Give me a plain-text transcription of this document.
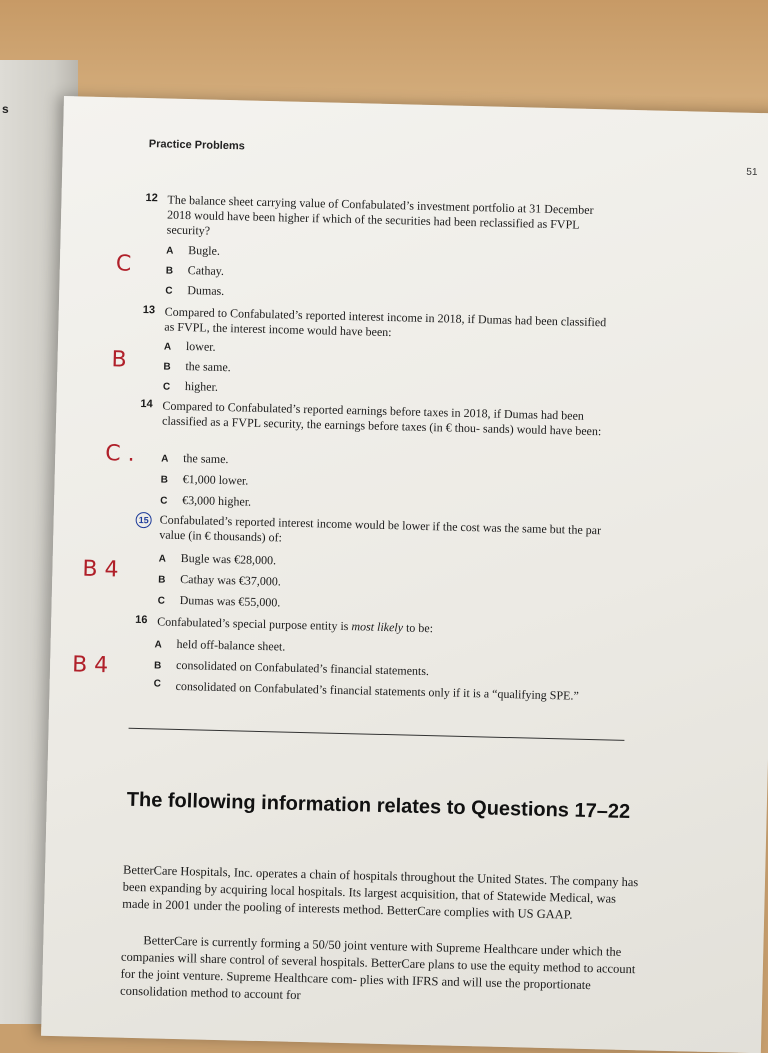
s
Practice Problems
51
12 The balance sheet carrying value of Confabulated’s investment portfolio at 31 December 2018 would have been higher if which of the securities had been reclassified as FVPL security?
A Bugle.
B Cathay.
C Dumas.
C
13 Compared to Confabulated’s reported interest income in 2018, if Dumas had been classified as FVPL, the interest income would have been:
A lower.
B the same.
C higher.
B
14 Compared to Confabulated’s reported earnings before taxes in 2018, if Dumas had been classified as a FVPL security, the earnings before taxes (in € thou- sands) would have been:
A the same.
B €1,000 lower.
C €3,000 higher.
C .
15 Confabulated’s reported interest income would be lower if the cost was the same but the par value (in € thousands) of:
A Bugle was €28,000.
B Cathay was €37,000.
C Dumas was €55,000.
B 4
16 Confabulated’s special purpose entity is most likely to be:
A held off-balance sheet.
B consolidated on Confabulated’s financial statements.
C	consolidated on Confabulated’s financial statements only if it is a “qualifying SPE.”
B 4
The following information relates to Questions 17–22
BetterCare Hospitals, Inc. operates a chain of hospitals throughout the United States. The company has been expanding by acquiring local hospitals. Its largest acquisition, that of Statewide Medical, was made in 2001 under the pooling of interests method. BetterCare complies with US GAAP.
BetterCare is currently forming a 50/50 joint venture with Supreme Healthcare under which the companies will share control of several hospitals. BetterCare plans to use the equity method to account for the joint venture. Supreme Healthcare com- plies with IFRS and will use the proportionate consolidation method to account for
